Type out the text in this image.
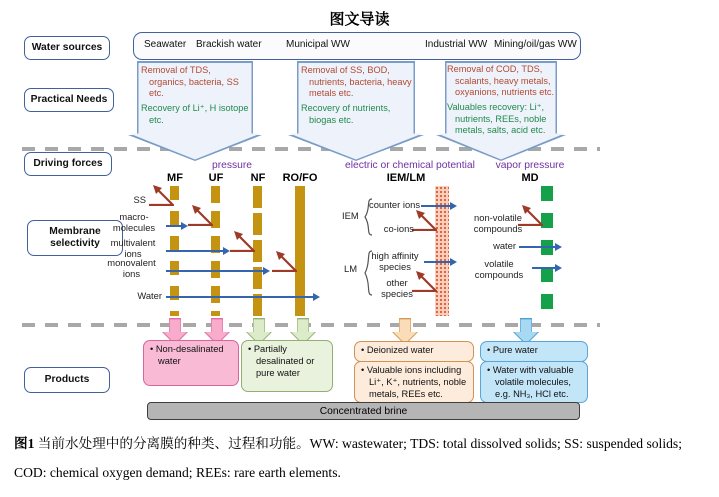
图文导读
Water sources
Practical Needs
Driving forces
Membrane selectivity
Products
Seawater Brackish water Municipal WW	Industrial WW Mining/oil/gas WW

Removal of TDS, organics, bacteria, SS etc.

Recovery of Li⁺, H isotope etc.

Removal of SS, BOD, nutrients, bacteria, heavy metals etc.

Recovery of nutrients, biogas etc.

Removal of COD, TDS, scalants, heavy metals, oxyanions, nutrients etc.

Valuables recovery: Li⁺, nutrients, REEs, noble metals, salts, acid etc.

pressure	electric or chemical potential	vapor pressure
MF	UF	NF	RO/FO	IEM/LM	MD
SS
macro-molecules
multivalent ions
monovalent ions
Water
IEM
counter ions
co-ions
LM
high affinity species
other species
non-volatile compounds
water
volatile compounds

• Non-desalinated water

• Partially desalinated or pure water

• Deionized water

• Valuable ions including Li⁺, K⁺, nutrients, noble metals, REEs etc.

• Pure water

• Water with valuable volatile molecules, e.g. NH₃, HCl etc.

Concentrated brine
图1 当前水处理中的分离膜的种类、过程和功能。WW: wastewater; TDS: total dissolved solids; SS: suspended solids; COD: chemical oxygen demand; REEs: rare earth elements.
